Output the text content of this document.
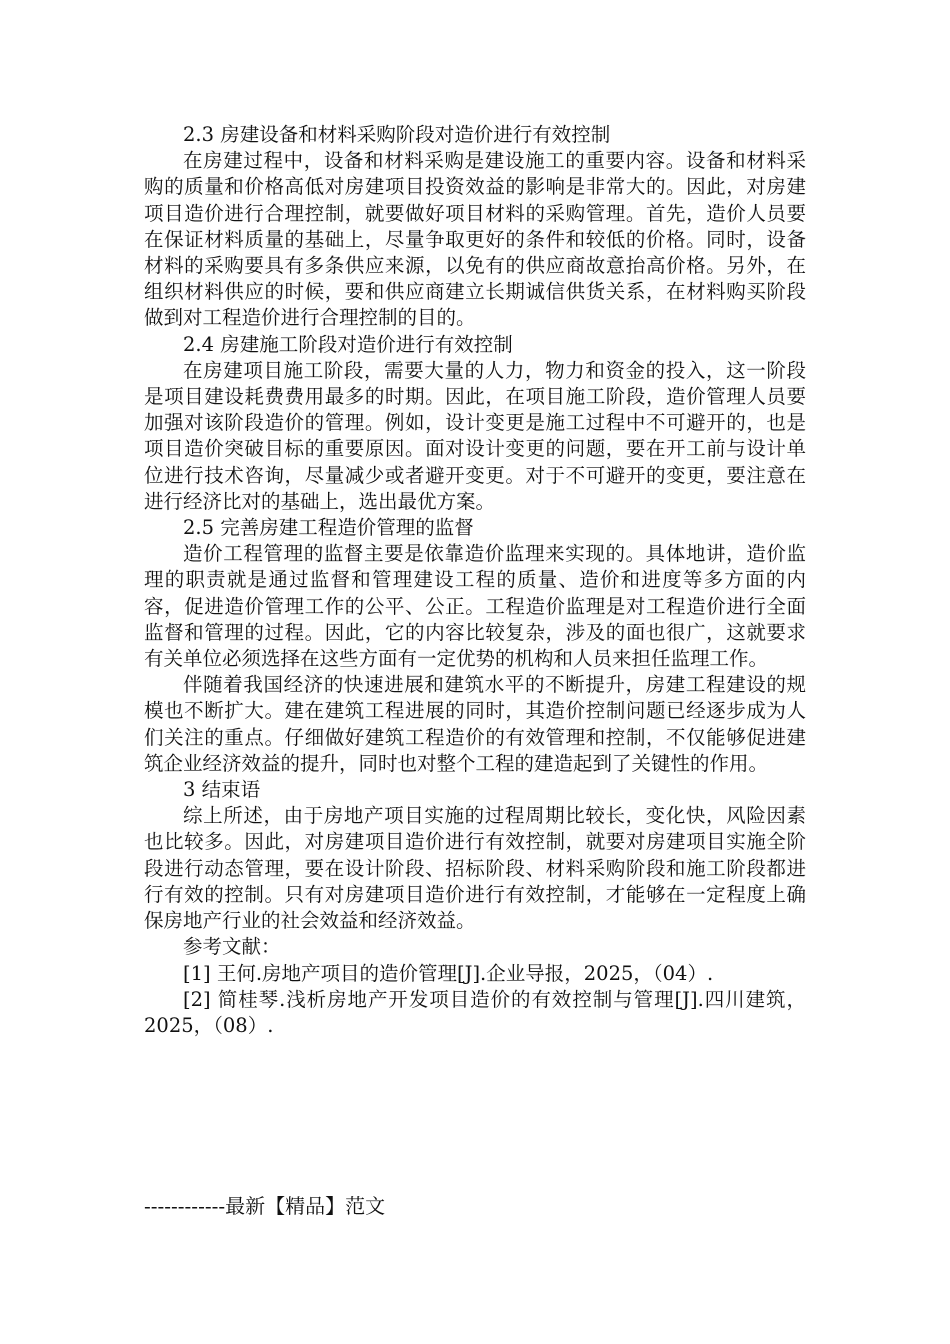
2.3 房建设备和材料采购阶段对造价进行有效控制

在房建过程中，设备和材料采购是建设施工的重要内容。设备和材料采购的质量和价格高低对房建项目投资效益的影响是非常大的。因此，对房建项目造价进行合理控制，就要做好项目材料的采购管理。首先，造价人员要在保证材料质量的基础上，尽量争取更好的条件和较低的价格。同时，设备材料的采购要具有多条供应来源，以免有的供应商故意抬高价格。另外，在组织材料供应的时候，要和供应商建立长期诚信供货关系，在材料购买阶段做到对工程造价进行合理控制的目的。

2.4 房建施工阶段对造价进行有效控制

在房建项目施工阶段，需要大量的人力，物力和资金的投入，这一阶段是项目建设耗费费用最多的时期。因此，在项目施工阶段，造价管理人员要加强对该阶段造价的管理。例如，设计变更是施工过程中不可避开的，也是项目造价突破目标的重要原因。面对设计变更的问题，要在开工前与设计单位进行技术咨询，尽量减少或者避开变更。对于不可避开的变更，要注意在进行经济比对的基础上，选出最优方案。

2.5 完善房建工程造价管理的监督

造价工程管理的监督主要是依靠造价监理来实现的。具体地讲，造价监理的职责就是通过监督和管理建设工程的质量、造价和进度等多方面的内容，促进造价管理工作的公平、公正。工程造价监理是对工程造价进行全面监督和管理的过程。因此，它的内容比较复杂，涉及的面也很广，这就要求有关单位必须选择在这些方面有一定优势的机构和人员来担任监理工作。

伴随着我国经济的快速进展和建筑水平的不断提升，房建工程建设的规模也不断扩大。建在建筑工程进展的同时，其造价控制问题已经逐步成为人们关注的重点。仔细做好建筑工程造价的有效管理和控制，不仅能够促进建筑企业经济效益的提升，同时也对整个工程的建造起到了关键性的作用。

3 结束语

综上所述，由于房地产项目实施的过程周期比较长，变化快，风险因素也比较多。因此，对房建项目造价进行有效控制，就要对房建项目实施全阶段进行动态管理，要在设计阶段、招标阶段、材料采购阶段和施工阶段都进行有效的控制。只有对房建项目造价进行有效控制，才能够在一定程度上确保房地产行业的社会效益和经济效益。

参考文献：

[1] 王何.房地产项目的造价管理[J].企业导报，2025，（04）.

[2] 简桂琴.浅析房地产开发项目造价的有效控制与管理[J].四川建筑，2025，（08）.

------------最新【精品】范文
